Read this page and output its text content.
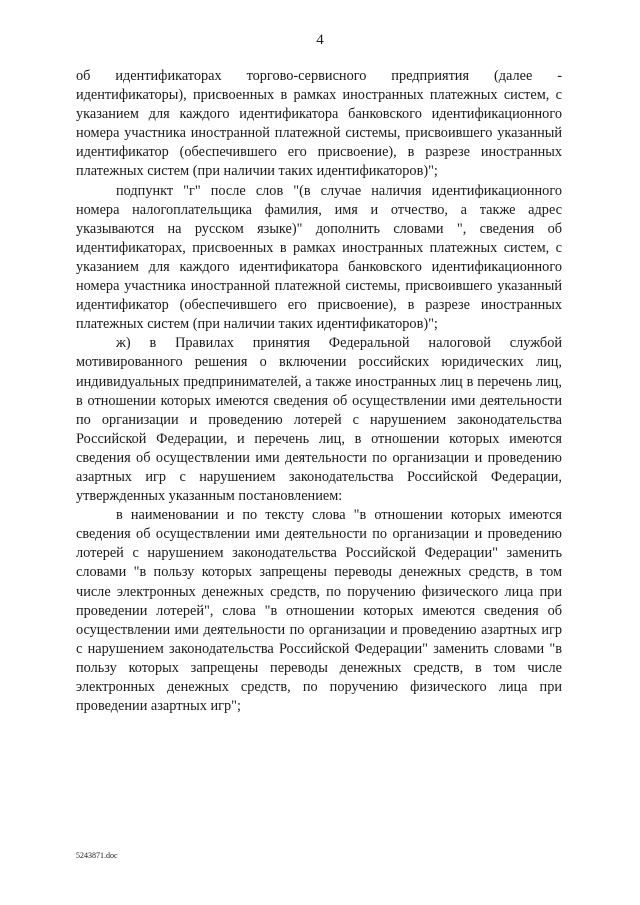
4

об идентификаторах торгово-сервисного предприятия (далее - идентификаторы), присвоенных в рамках иностранных платежных систем, с указанием для каждого идентификатора банковского идентификационного номера участника иностранной платежной системы, присвоившего указанный идентификатор (обеспечившего его присвоение), в разрезе иностранных платежных систем (при наличии таких идентификаторов)";

подпункт "г" после слов "(в случае наличия идентификационного номера налогоплательщика фамилия, имя и отчество, а также адрес указываются на русском языке)" дополнить словами ", сведения об идентификаторах, присвоенных в рамках иностранных платежных систем, с указанием для каждого идентификатора банковского идентификационного номера участника иностранной платежной системы, присвоившего указанный идентификатор (обеспечившего его присвоение), в разрезе иностранных платежных систем (при наличии таких идентификаторов)";

ж) в Правилах принятия Федеральной налоговой службой мотивированного решения о включении российских юридических лиц, индивидуальных предпринимателей, а также иностранных лиц в перечень лиц, в отношении которых имеются сведения об осуществлении ими деятельности по организации и проведению лотерей с нарушением законодательства Российской Федерации, и перечень лиц, в отношении которых имеются сведения об осуществлении ими деятельности по организации и проведению азартных игр с нарушением законодательства Российской Федерации, утвержденных указанным постановлением:

в наименовании и по тексту слова "в отношении которых имеются сведения об осуществлении ими деятельности по организации и проведению лотерей с нарушением законодательства Российской Федерации" заменить словами "в пользу которых запрещены переводы денежных средств, в том числе электронных денежных средств, по поручению физического лица при проведении лотерей", слова "в отношении которых имеются сведения об осуществлении ими деятельности по организации и проведению азартных игр с нарушением законодательства Российской Федерации" заменить словами "в пользу которых запрещены переводы денежных средств, в том числе электронных денежных средств, по поручению физического лица при проведении азартных игр";

5243871.doc
